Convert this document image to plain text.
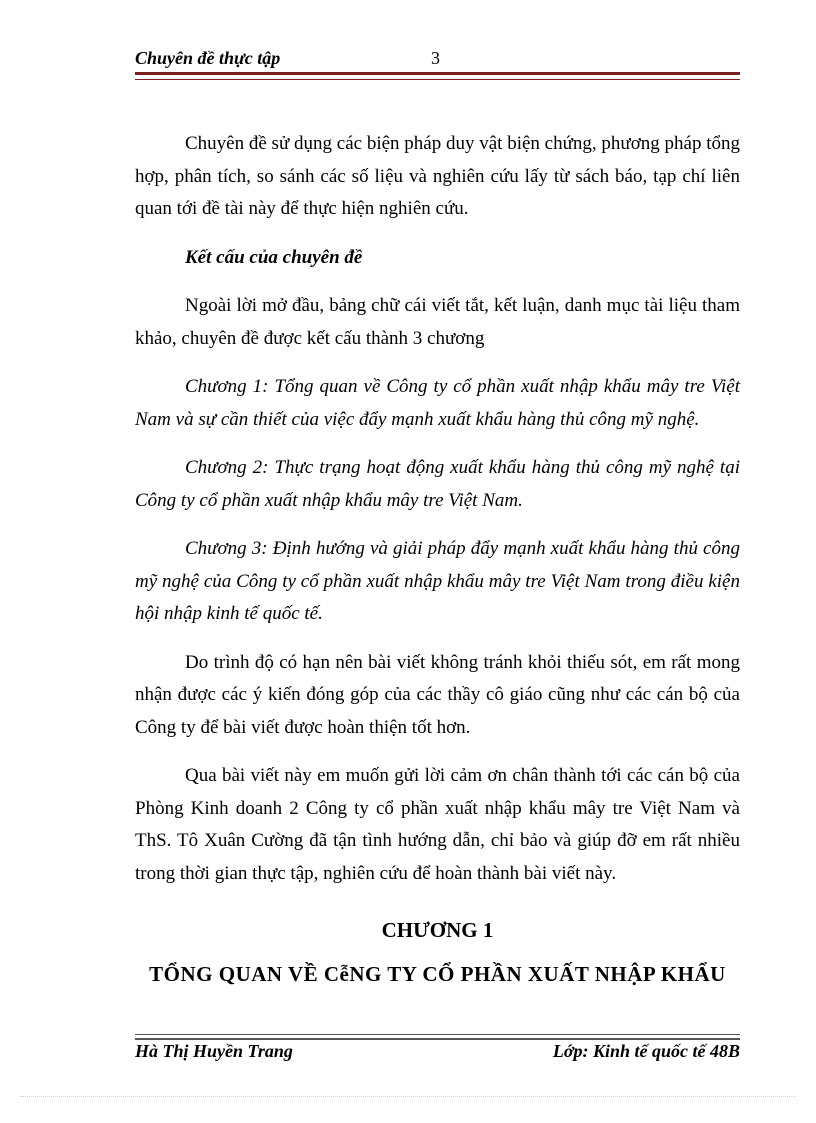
Chuyên đề thực tập	3

Chuyên đề sử dụng các biện pháp duy vật biện chứng, phương pháp tổng hợp, phân tích, so sánh các số liệu và nghiên cứu lấy từ sách báo, tạp chí liên quan tới đề tài này để thực hiện nghiên cứu.

Kết cấu của chuyên đề

Ngoài lời mở đầu, bảng chữ cái viết tắt, kết luận, danh mục tài liệu tham khảo, chuyên đề được kết cấu thành 3 chương

Chương 1: Tổng quan về Công ty cổ phần xuất nhập khẩu mây tre Việt Nam và sự cần thiết của việc đẩy mạnh xuất khẩu hàng thủ công mỹ nghệ.

Chương 2: Thực trạng hoạt động xuất khẩu hàng thủ công mỹ nghệ tại Công ty cổ phần xuất nhập khẩu mây tre Việt Nam.

Chương 3: Định hướng và giải pháp đẩy mạnh xuất khẩu hàng thủ công mỹ nghệ của Công ty cổ phần xuất nhập khẩu mây tre Việt Nam trong điều kiện hội nhập kinh tế quốc tế.

Do trình độ có hạn nên bài viết không tránh khỏi thiếu sót, em rất mong nhận được các ý kiến đóng góp của các thầy cô giáo cũng như các cán bộ của Công ty để bài viết được hoàn thiện tốt hơn.

Qua bài viết này em muốn gửi lời cảm ơn chân thành tới các cán bộ của Phòng Kinh doanh 2 Công ty cổ phần xuất nhập khẩu mây tre Việt Nam và ThS. Tô Xuân Cường đã tận tình hướng dẫn, chỉ bảo và giúp đỡ em rất nhiều trong thời gian thực tập, nghiên cứu để hoàn thành bài viết này.

CHƯƠNG 1
TỔNG QUAN VỀ CễNG TY CỔ PHẦN XUẤT NHẬP KHẨU
Hà Thị Huyền Trang	Lớp: Kinh tế quốc tế 48B
